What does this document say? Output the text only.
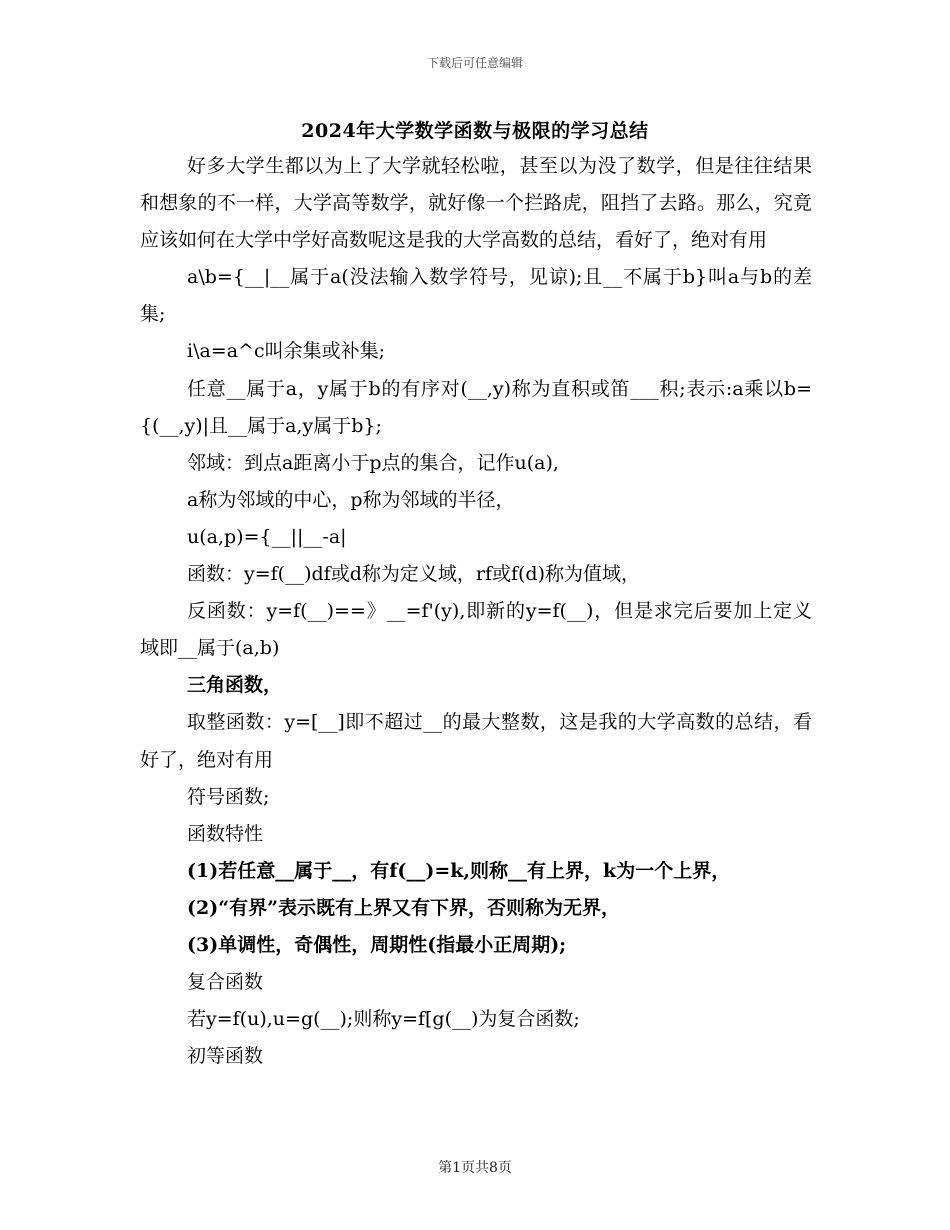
下载后可任意编辑
2024年大学数学函数与极限的学习总结

好多大学生都以为上了大学就轻松啦，甚至以为没了数学，但是往往结果和想象的不一样，大学高等数学，就好像一个拦路虎，阻挡了去路。那么，究竟应该如何在大学中学好高数呢这是我的大学高数的总结，看好了，绝对有用

a\b={__|__属于a(没法输入数学符号，见谅);且__不属于b}叫a与b的差集;

i\a=a^c叫余集或补集;

任意__属于a，y属于b的有序对(__,y)称为直积或笛___积;表示:a乘以b={(__,y)|且__属于a,y属于b};

邻域：到点a距离小于p点的集合，记作u(a),

a称为邻域的中心，p称为邻域的半径，

u(a,p)={__||__-a|

函数：y=f(__)df或d称为定义域，rf或f(d)称为值域，

反函数：y=f(__)==》__=f'(y),即新的y=f(__)，但是求完后要加上定义域即__属于(a,b)

三角函数，

取整函数：y=[__]即不超过__的最大整数，这是我的大学高数的总结，看好了，绝对有用

符号函数;

函数特性

(1)若任意__属于__，有f(__)=k,则称__有上界，k为一个上界，

(2)“有界”表示既有上界又有下界，否则称为无界，

(3)单调性，奇偶性，周期性(指最小正周期);

复合函数

若y=f(u),u=g(__);则称y=f[g(__)为复合函数;

初等函数

第1页共8页
